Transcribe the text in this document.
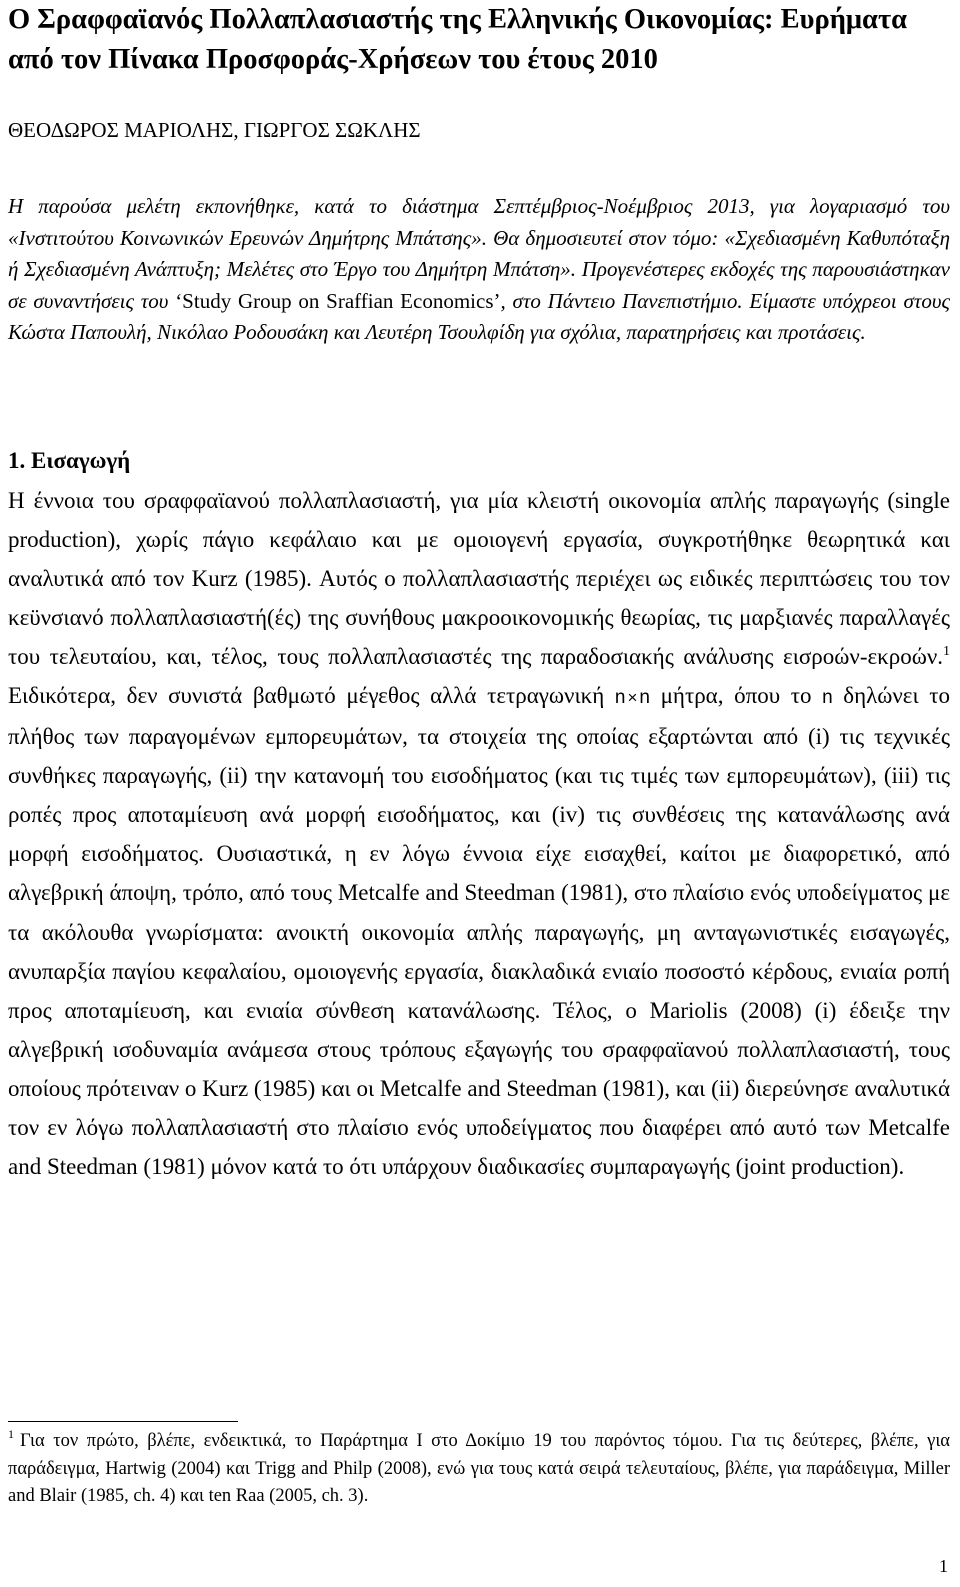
Ο Σραφφαϊανός Πολλαπλασιαστής της Ελληνικής Οικονομίας: Ευρήματα από τον Πίνακα Προσφοράς-Χρήσεων του έτους 2010

ΘΕΟΔΩΡΟΣ ΜΑΡΙΟΛΗΣ, ΓΙΩΡΓΟΣ ΣΩΚΛΗΣ

Η παρούσα μελέτη εκπονήθηκε, κατά το διάστημα Σεπτέμβριος-Νοέμβριος 2013, για λογαριασμό του «Ινστιτούτου Κοινωνικών Ερευνών Δημήτρης Μπάτσης». Θα δημοσιευτεί στον τόμο: «Σχεδιασμένη Καθυπόταξη ή Σχεδιασμένη Ανάπτυξη; Μελέτες στο Έργο του Δημήτρη Μπάτση». Προγενέστερες εκδοχές της παρουσιάστηκαν σε συναντήσεις του ‘Study Group on Sraffian Economics’, στο Πάντειο Πανεπιστήμιο. Είμαστε υπόχρεοι στους Κώστα Παπουλή, Νικόλαο Ροδουσάκη και Λευτέρη Τσουλφίδη για σχόλια, παρατηρήσεις και προτάσεις.

1. Εισαγωγή

Η έννοια του σραφφαϊανού πολλαπλασιαστή, για μία κλειστή οικονομία απλής παραγωγής (single production), χωρίς πάγιο κεφάλαιο και με ομοιογενή εργασία, συγκροτήθηκε θεωρητικά και αναλυτικά από τον Kurz (1985). Αυτός ο πολλαπλασιαστής περιέχει ως ειδικές περιπτώσεις του τον κεϋνσιανό πολλαπλασιαστή(ές) της συνήθους μακροοικονομικής θεωρίας, τις μαρξιανές παραλλαγές του τελευταίου, και, τέλος, τους πολλαπλασιαστές της παραδοσιακής ανάλυσης εισροών-εκροών.$^1$ Ειδικότερα, δεν συνιστά βαθμωτό μέγεθος αλλά τετραγωνική n × n μήτρα, όπου το n δηλώνει το πλήθος των παραγομένων εμπορευμάτων, τα στοιχεία της οποίας εξαρτώνται από (i) τις τεχνικές συνθήκες παραγωγής, (ii) την κατανομή του εισοδήματος (και τις τιμές των εμπορευμάτων), (iii) τις ροπές προς αποταμίευση ανά μορφή εισοδήματος, και (iv) τις συνθέσεις της κατανάλωσης ανά μορφή εισοδήματος. Ουσιαστικά, η εν λόγω έννοια είχε εισαχθεί, καίτοι με διαφορετικό, από αλγεβρική άποψη, τρόπο, από τους Metcalfe and Steedman (1981), στο πλαίσιο ενός υποδείγματος με τα ακόλουθα γνωρίσματα: ανοικτή οικονομία απλής παραγωγής, μη ανταγωνιστικές εισαγωγές, ανυπαρξία παγίου κεφαλαίου, ομοιογενής εργασία, διακλαδικά ενιαίο ποσοστό κέρδους, ενιαία ροπή προς αποταμίευση, και ενιαία σύνθεση κατανάλωσης. Τέλος, ο Mariolis (2008) (i) έδειξε την αλγεβρική ισοδυναμία ανάμεσα στους τρόπους εξαγωγής του σραφφαϊανού πολλαπλασιαστή, τους οποίους πρότειναν ο Kurz (1985) και οι Metcalfe and Steedman (1981), και (ii) διερεύνησε αναλυτικά τον εν λόγω πολλαπλασιαστή στο πλαίσιο ενός υποδείγματος που διαφέρει από αυτό των Metcalfe and Steedman (1981) μόνον κατά το ότι υπάρχουν διαδικασίες συμπαραγωγής (joint production).

$^1$ Για τον πρώτο, βλέπε, ενδεικτικά, το Παράρτημα Ι στο Δοκίμιο 19 του παρόντος τόμου. Για τις δεύτερες, βλέπε, για παράδειγμα, Hartwig (2004) και Trigg and Philp (2008), ενώ για τους κατά σειρά τελευταίους, βλέπε, για παράδειγμα, Miller and Blair (1985, ch. 4) και ten Raa (2005, ch. 3).

1
